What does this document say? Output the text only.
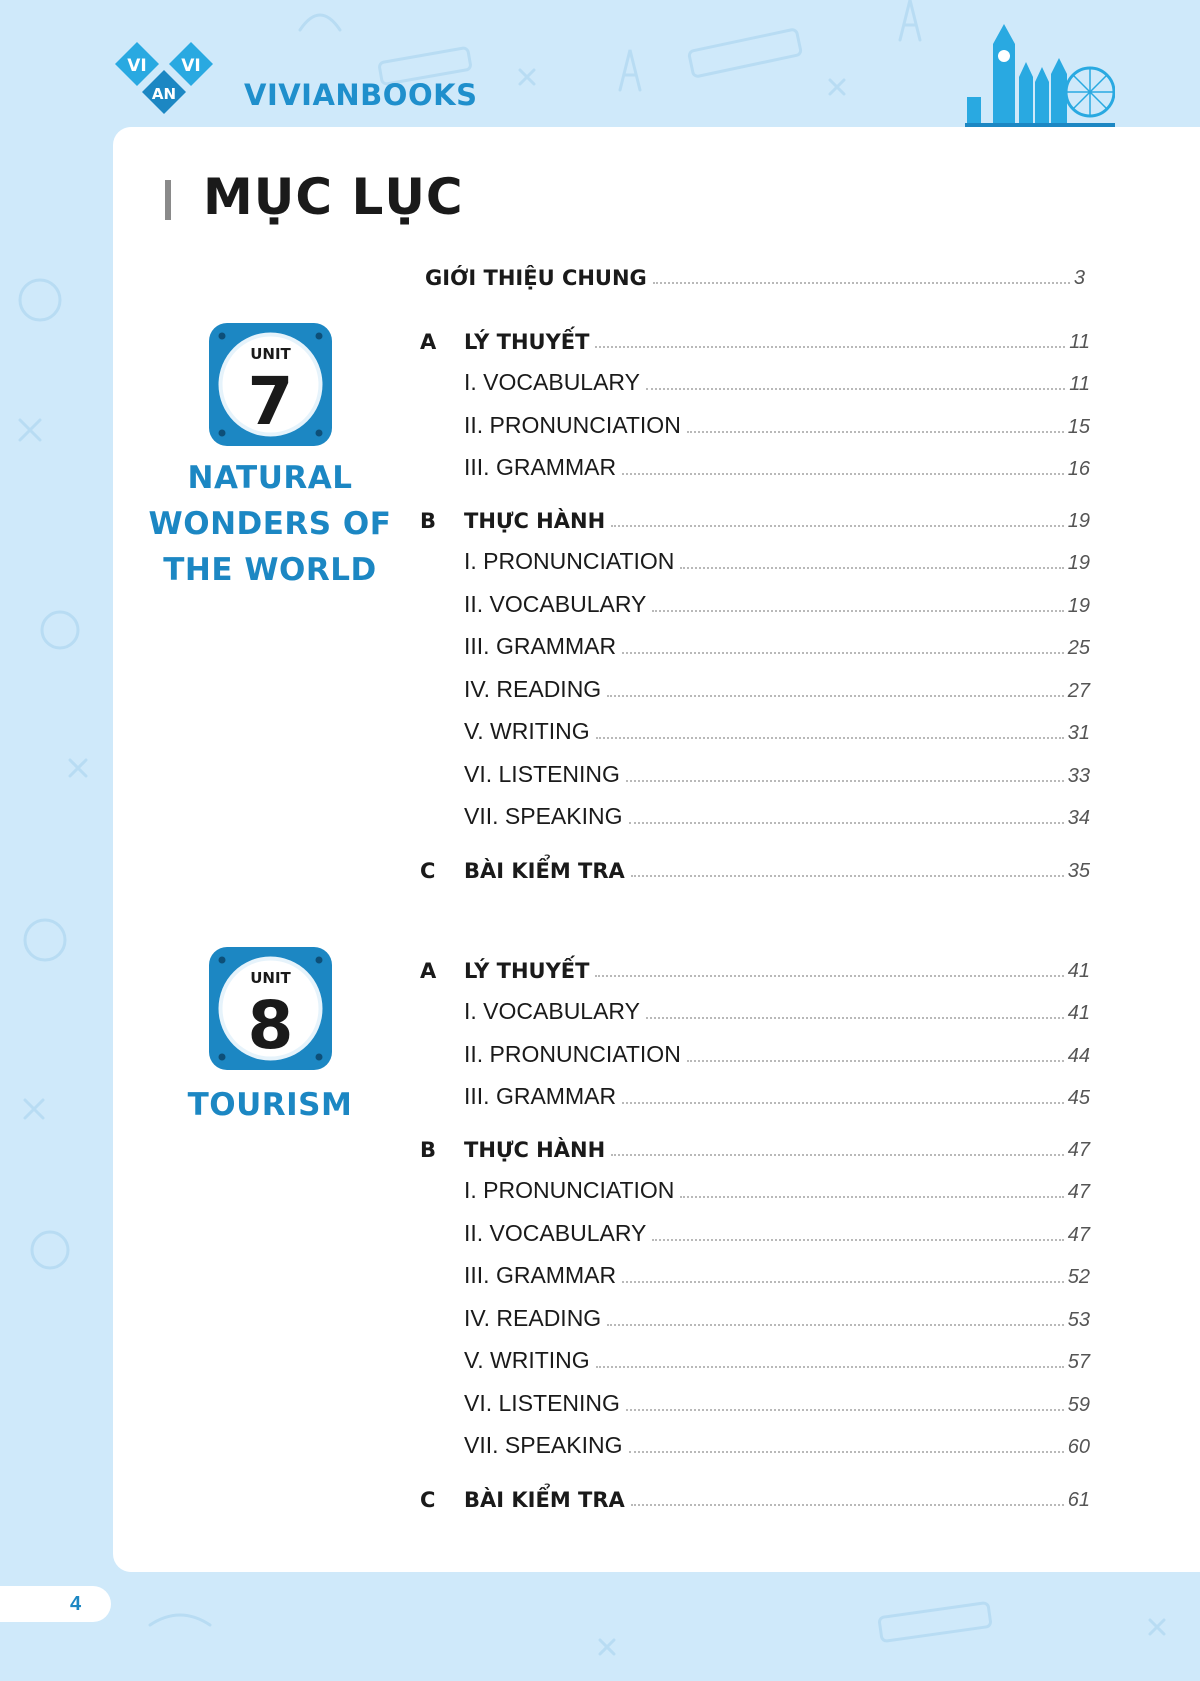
VI VI
AN VIVIANBOOKS
MỤC LỤC
GIỚI THIỆU CHUNG	3
UNIT
7
NATURAL
WONDERS OF
THE WORLD
UNIT
8
TOURISM
A	LÝ THUYẾT	11
I. VOCABULARY	11
II. PRONUNCIATION	15
III. GRAMMAR	16
B	THỰC HÀNH	19
I. PRONUNCIATION	19
II. VOCABULARY	19
III. GRAMMAR	25
IV. READING	27
V. WRITING	31
VI. LISTENING	33
VII. SPEAKING	34
C	BÀI KIỂM TRA	35
A	LÝ THUYẾT	41
I. VOCABULARY	41
II. PRONUNCIATION	44
III. GRAMMAR	45
B	THỰC HÀNH	47
I. PRONUNCIATION	47
II. VOCABULARY	47
III. GRAMMAR	52
IV. READING	53
V. WRITING	57
VI. LISTENING	59
VII. SPEAKING	60
C	BÀI KIỂM TRA	61
4
